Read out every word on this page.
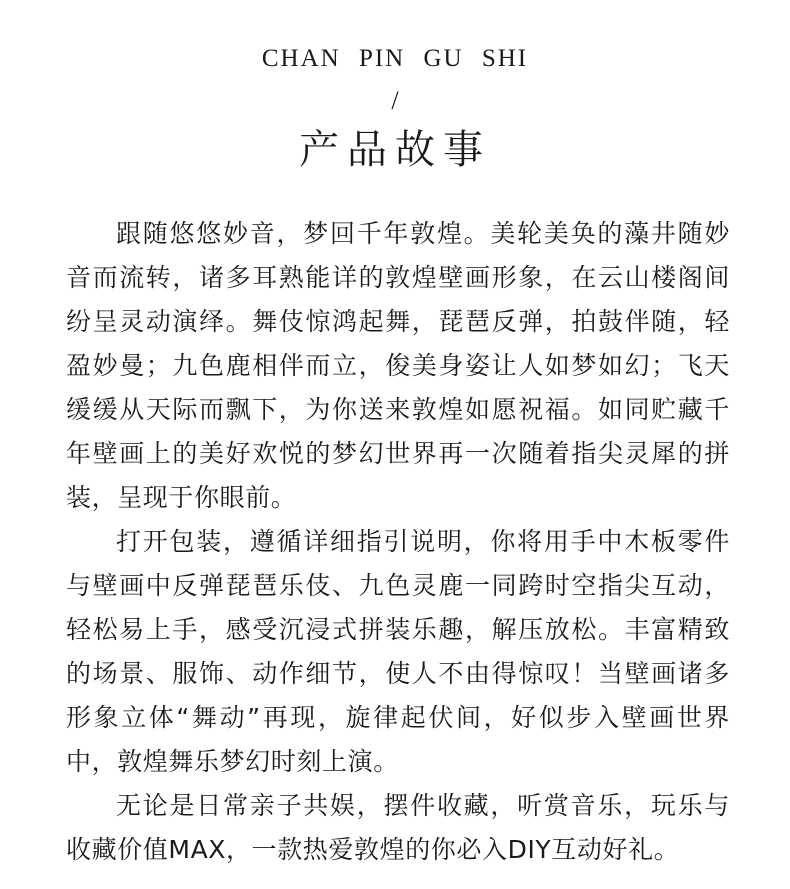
CHAN PIN GU SHI
/
产品故事

跟随悠悠妙音，梦回千年敦煌。美轮美奂的藻井随妙音而流转，诸多耳熟能详的敦煌壁画形象，在云山楼阁间纷呈灵动演绎。舞伎惊鸿起舞，琵琶反弹，拍鼓伴随，轻盈妙曼；九色鹿相伴而立，俊美身姿让人如梦如幻；飞天缓缓从天际而飘下，为你送来敦煌如愿祝福。如同贮藏千年壁画上的美好欢悦的梦幻世界再一次随着指尖灵犀的拼装，呈现于你眼前。

打开包装，遵循详细指引说明，你将用手中木板零件与壁画中反弹琵琶乐伎、九色灵鹿一同跨时空指尖互动，轻松易上手，感受沉浸式拼装乐趣，解压放松。丰富精致的场景、服饰、动作细节，使人不由得惊叹！当壁画诸多形象立体“舞动”再现，旋律起伏间，好似步入壁画世界中，敦煌舞乐梦幻时刻上演。

无论是日常亲子共娱，摆件收藏，听赏音乐，玩乐与收藏价值MAX，一款热爱敦煌的你必入DIY互动好礼。
